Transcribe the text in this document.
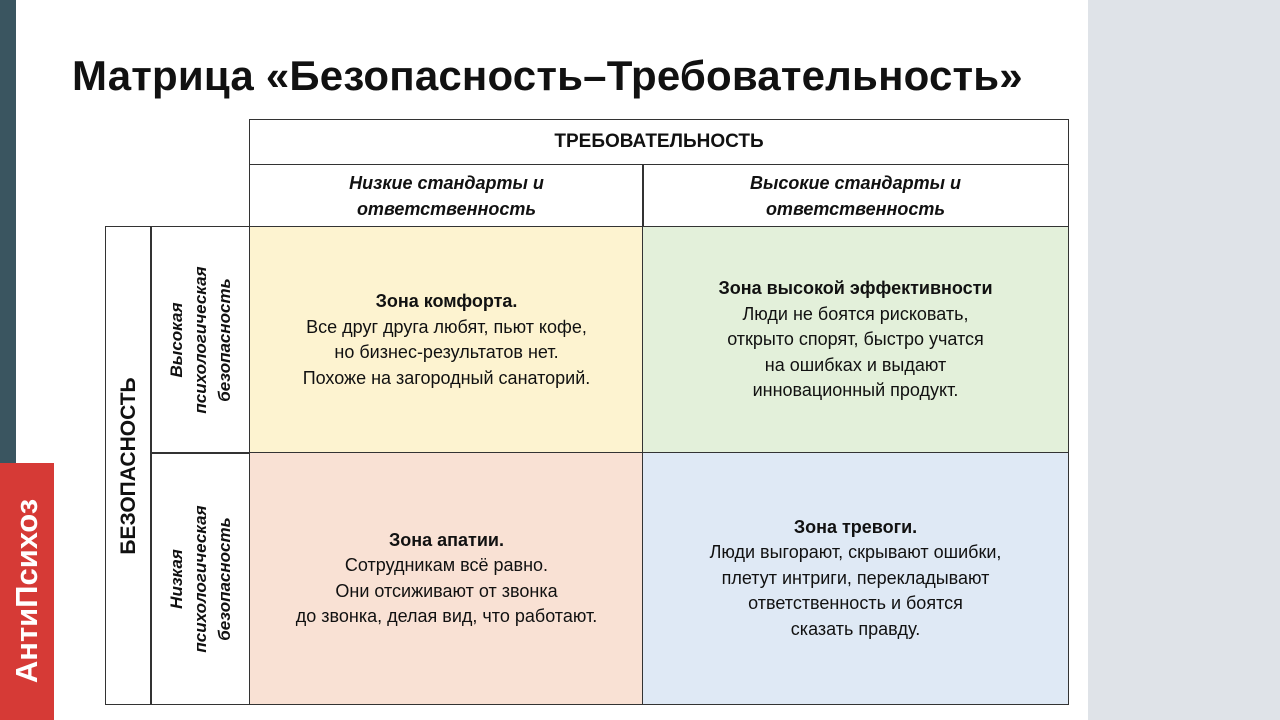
АнтиПсихоз
Матрица «Безопасность–Требовательность»
ТРЕБОВАТЕЛЬНОСТЬ
Низкие стандарты и ответственность
Высокие стандарты и ответственность
БЕЗОПАСНОСТЬ
Высокая психологическая безопасность
Низкая психологическая безопасность
Зона комфорта.
Все друг друга любят, пьют кофе,
но бизнес-результатов нет.
Похоже на загородный санаторий.
Зона высокой эффективности
Люди не боятся рисковать,
открыто спорят, быстро учатся
на ошибках и выдают
инновационный продукт.
Зона апатии.
Сотрудникам всё равно.
Они отсиживают от звонка
до звонка, делая вид, что работают.
Зона тревоги.
Люди выгорают, скрывают ошибки,
плетут интриги, перекладывают
ответственность и боятся
сказать правду.
